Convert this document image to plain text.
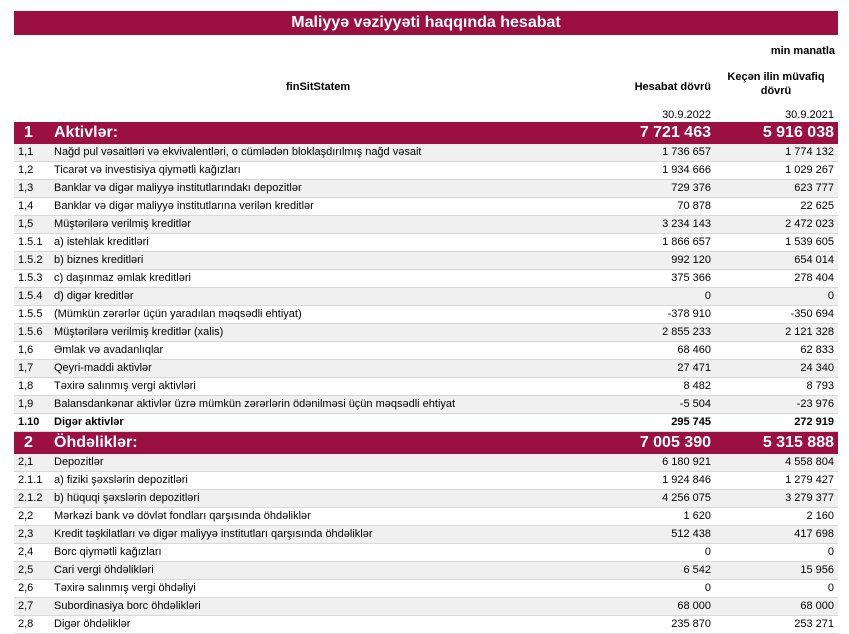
Maliyyə vəziyyəti haqqında hesabat
min manatla
finSitStatem	Hesabat dövrü
Keçən ilin müvafiq
dövrü
30.9.2022	30.9.2021
1	Aktivlər:	7 721 463	5 916 038
1,1	Nağd pul vəsaitləri və ekvivalentləri, o cümlədən bloklaşdırılmış nağd vəsait	1 736 657	1 774 132
1,2	Ticarət və investisiya qiymətli kağızları	1 934 666	1 029 267
1,3	Banklar və digər maliyyə institutlarındakı depozitlər	729 376	623 777
1,4	Banklar və digər maliyyə institutlarına verilən kreditlər	70 878	22 625
1,5	Müştərilərə verilmiş kreditlər	3 234 143	2 472 023
1.5.1	a) istehlak kreditləri	1 866 657	1 539 605
1.5.2	b) biznes kreditləri	992 120	654 014
1.5.3	c) daşınmaz əmlak kreditləri	375 366	278 404
1.5.4	d) digər kreditlər	0	0
1.5.5	(Mümkün zərərlər üçün yaradılan məqsədli ehtiyat)	-378 910	-350 694
1.5.6	Müştərilərə verilmiş kreditlər (xalis)	2 855 233	2 121 328
1,6	Əmlak və avadanlıqlar	68 460	62 833
1,7	Qeyri-maddi aktivlər	27 471	24 340
1,8	Təxirə salınmış vergi aktivləri	8 482	8 793
1,9	Balansdankənar aktivlər üzrə mümkün zərərlərin ödənilməsi üçün məqsədli ehtiyat	-5 504	-23 976
1.10	Digər aktivlər	295 745	272 919
2	Öhdəliklər:	7 005 390	5 315 888
2,1	Depozitlər	6 180 921	4 558 804
2.1.1	a) fiziki şəxslərin depozitləri	1 924 846	1 279 427
2.1.2	b) hüquqi şəxslərin depozitləri	4 256 075	3 279 377
2,2	Mərkəzi bank və dövlət fondları qarşısında öhdəliklər	1 620	2 160
2,3	Kredit təşkilatları və digər maliyyə institutları qarşısında öhdəliklər	512 438	417 698
2,4	Borc qiymətli kağızları	0	0
2,5	Cari vergi öhdəlikləri	6 542	15 956
2,6	Təxirə salınmış vergi öhdəliyi	0	0
2,7	Subordinasiya borc öhdəlikləri	68 000	68 000
2,8	Digər öhdəliklər	235 870	253 271
